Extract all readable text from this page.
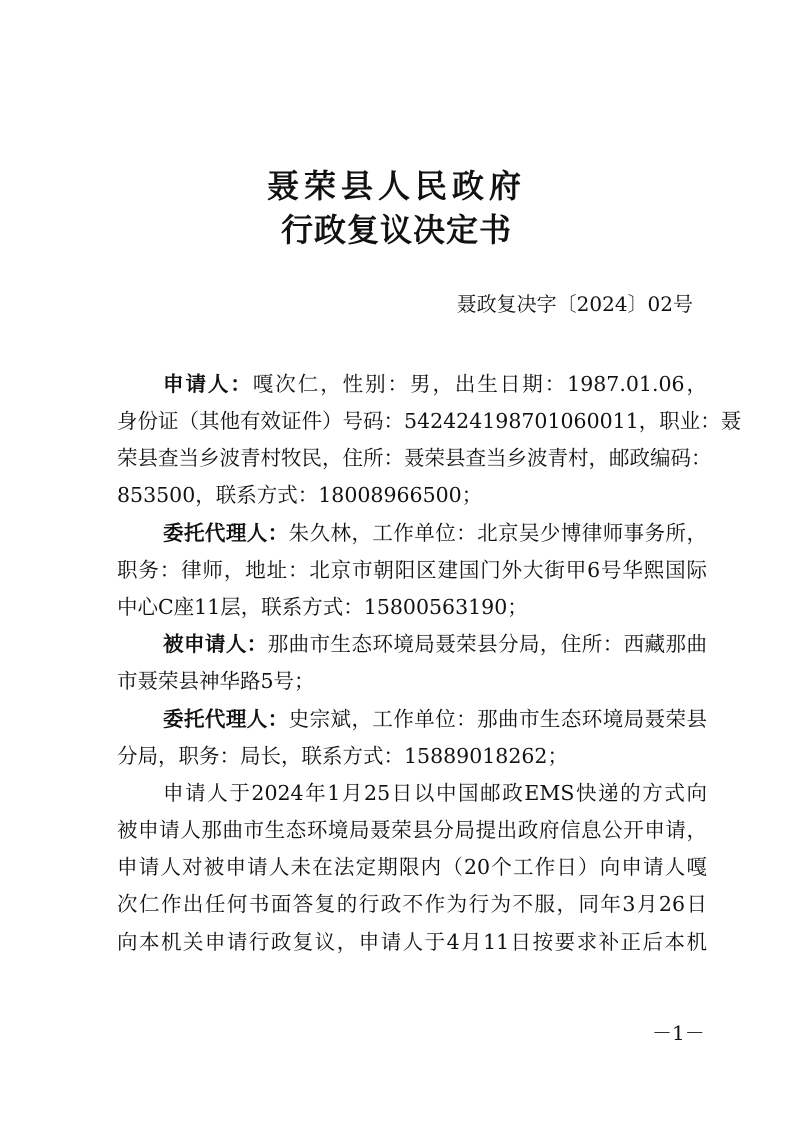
聂荣县人民政府
行政复议决定书
聂政复决字〔2024〕02号
申请人：嘎次仁，性别：男，出生日期：1987.01.06，
身份证（其他有效证件）号码：542424198701060011，职业：聂
荣县查当乡波青村牧民，住所：聂荣县查当乡波青村，邮政编码：
853500，联系方式：18008966500；
委托代理人：朱久林，工作单位：北京吴少博律师事务所，
职务：律师，地址：北京市朝阳区建国门外大街甲6号华熙国际
中心C座11层，联系方式：15800563190；
被申请人：那曲市生态环境局聂荣县分局，住所：西藏那曲
市聂荣县神华路5号；
委托代理人：史宗斌，工作单位：那曲市生态环境局聂荣县
分局，职务：局长，联系方式：15889018262；
申请人于2024年1月25日以中国邮政EMS快递的方式向
被申请人那曲市生态环境局聂荣县分局提出政府信息公开申请，
申请人对被申请人未在法定期限内（20个工作日）向申请人嘎
次仁作出任何书面答复的行政不作为行为不服，同年3月26日
向本机关申请行政复议，申请人于4月11日按要求补正后本机
－1－
